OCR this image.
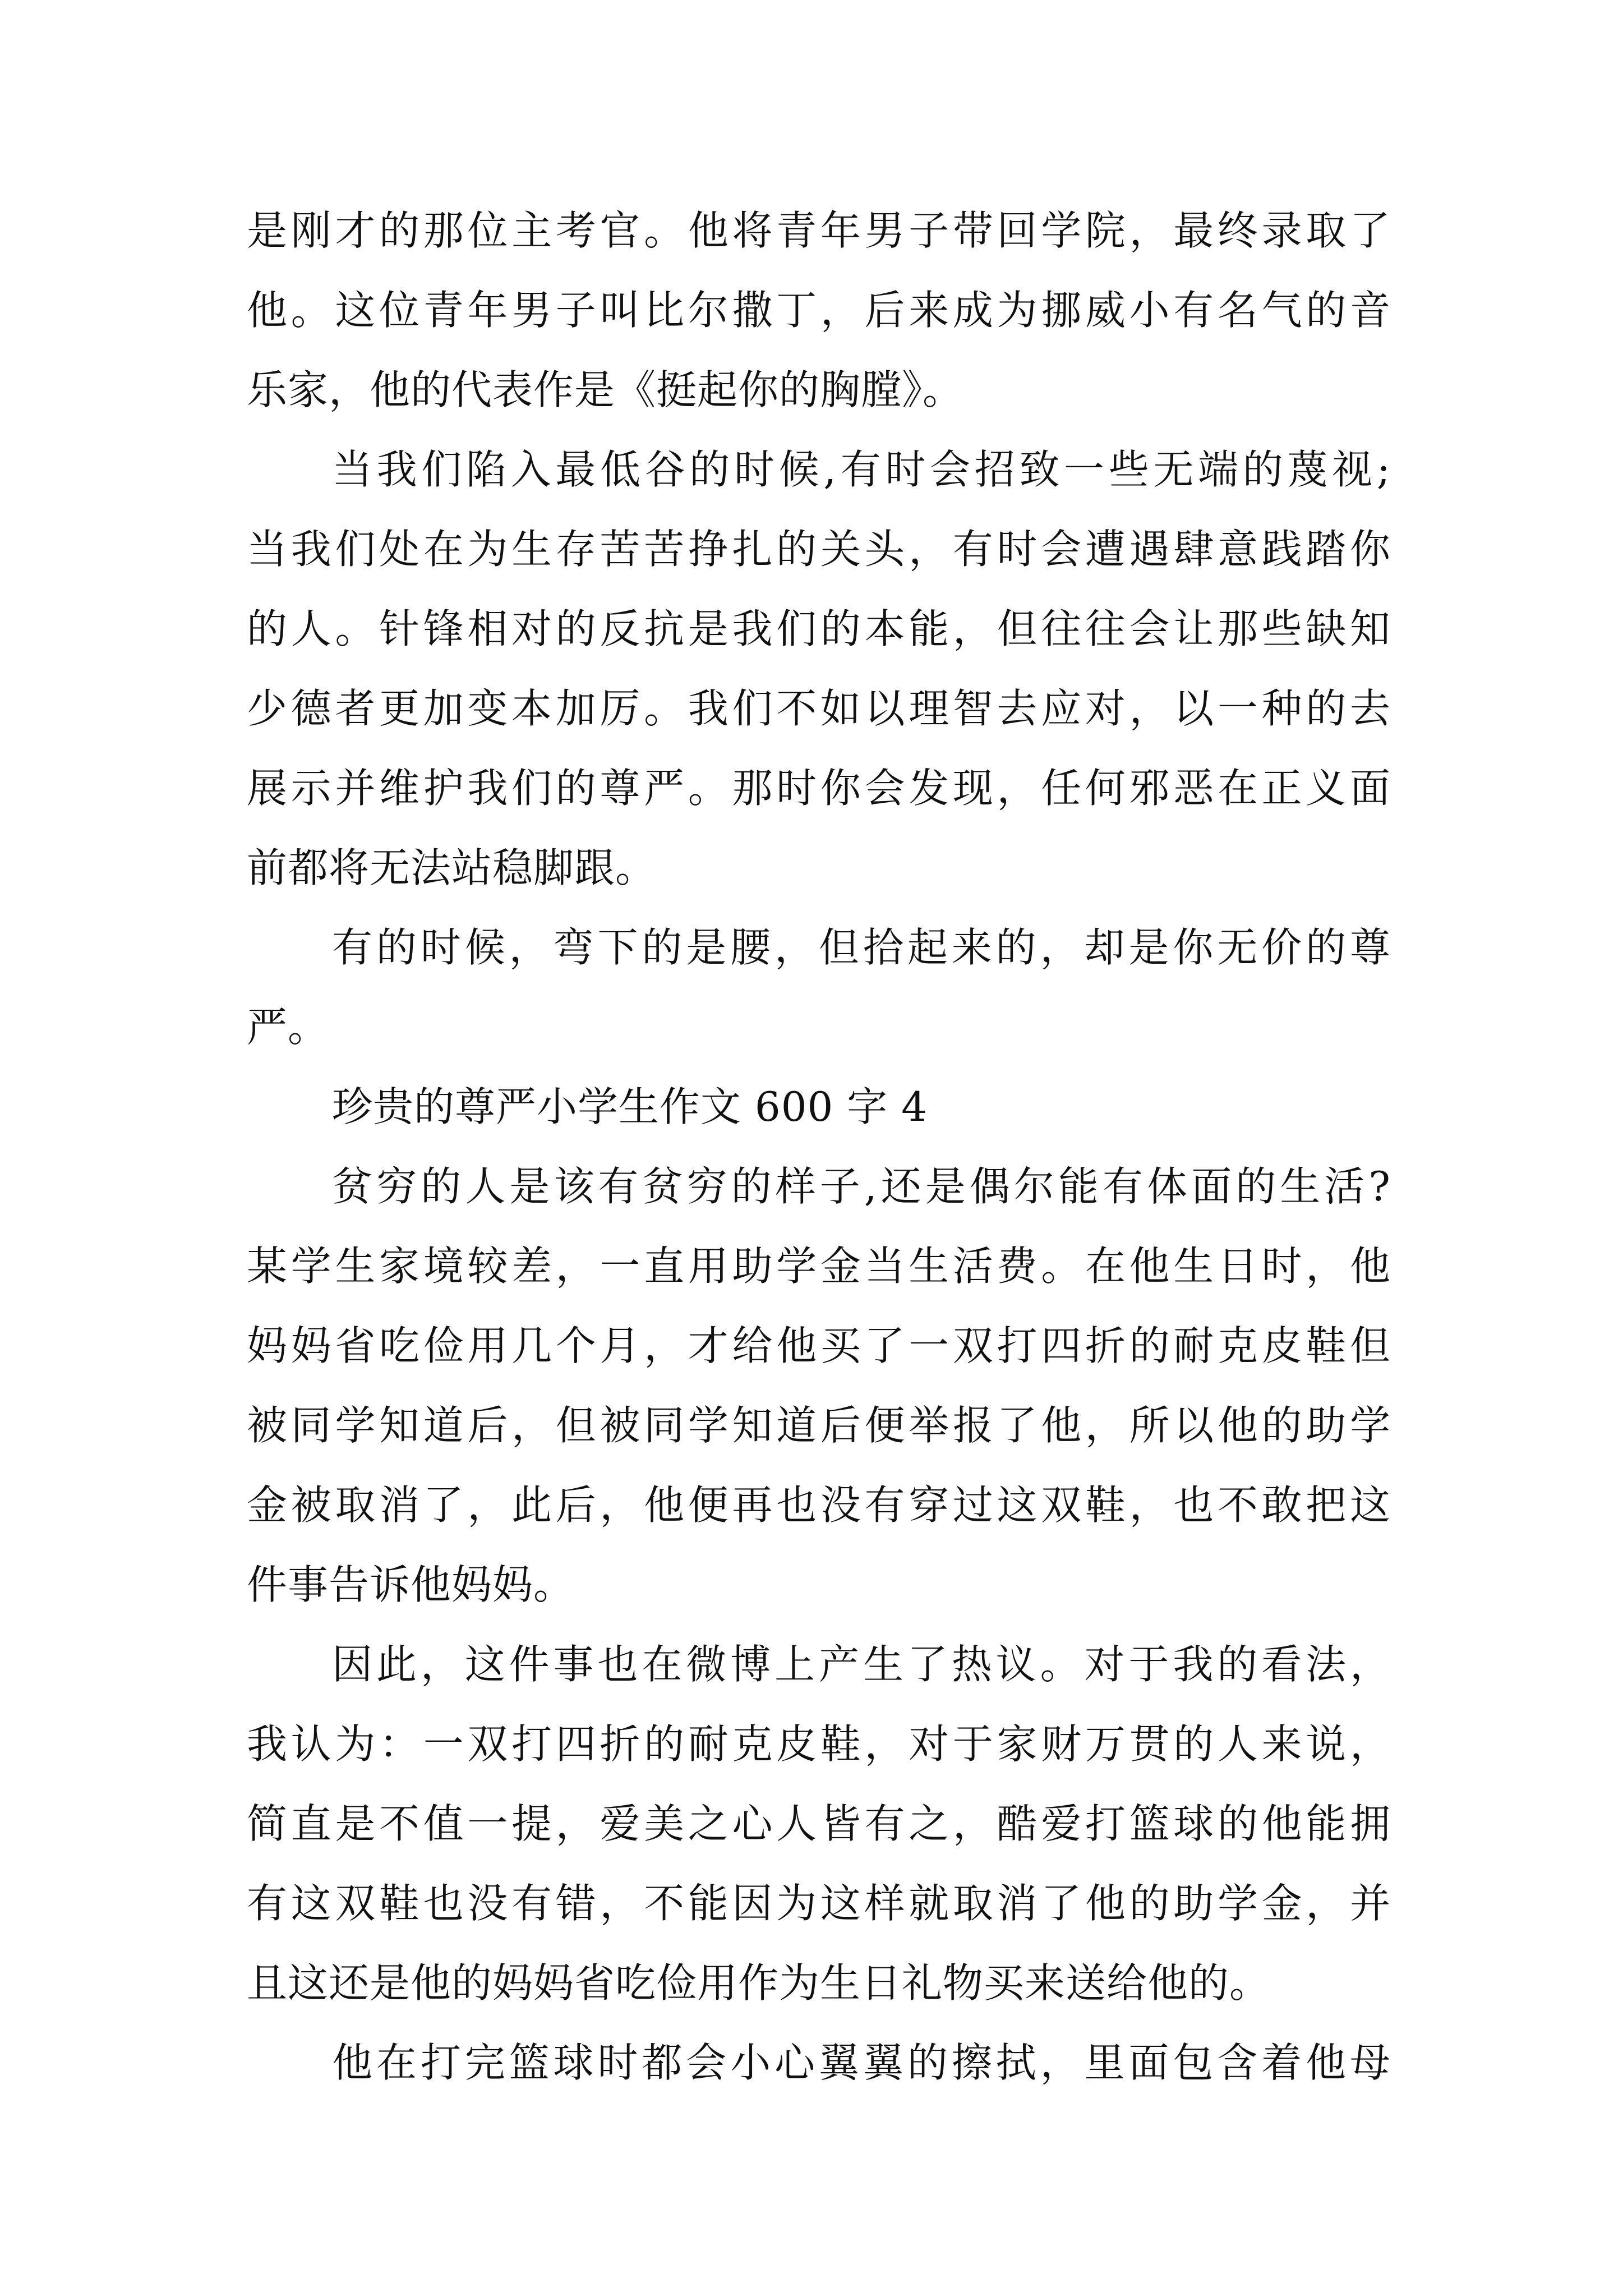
是刚才的那位主考官。他将青年男子带回学院，最终录取了
他。这位青年男子叫比尔撒丁，后来成为挪威小有名气的音
乐家，他的代表作是《挺起你的胸膛》。
当我们陷入最低谷的时候,有时会招致一些无端的蔑视;
当我们处在为生存苦苦挣扎的关头，有时会遭遇肆意践踏你
的人。针锋相对的反抗是我们的本能，但往往会让那些缺知
少德者更加变本加厉。我们不如以理智去应对，以一种的去
展示并维护我们的尊严。那时你会发现，任何邪恶在正义面
前都将无法站稳脚跟。
有的时候，弯下的是腰，但拾起来的，却是你无价的尊
严。
珍贵的尊严小学生作文 600 字 4
贫穷的人是该有贫穷的样子,还是偶尔能有体面的生活?
某学生家境较差，一直用助学金当生活费。在他生日时，他
妈妈省吃俭用几个月，才给他买了一双打四折的耐克皮鞋但
被同学知道后，但被同学知道后便举报了他，所以他的助学
金被取消了，此后，他便再也没有穿过这双鞋，也不敢把这
件事告诉他妈妈。
因此，这件事也在微博上产生了热议。对于我的看法，
我认为：一双打四折的耐克皮鞋，对于家财万贯的人来说，
简直是不值一提，爱美之心人皆有之，酷爱打篮球的他能拥
有这双鞋也没有错，不能因为这样就取消了他的助学金，并
且这还是他的妈妈省吃俭用作为生日礼物买来送给他的。
他在打完篮球时都会小心翼翼的擦拭，里面包含着他母
